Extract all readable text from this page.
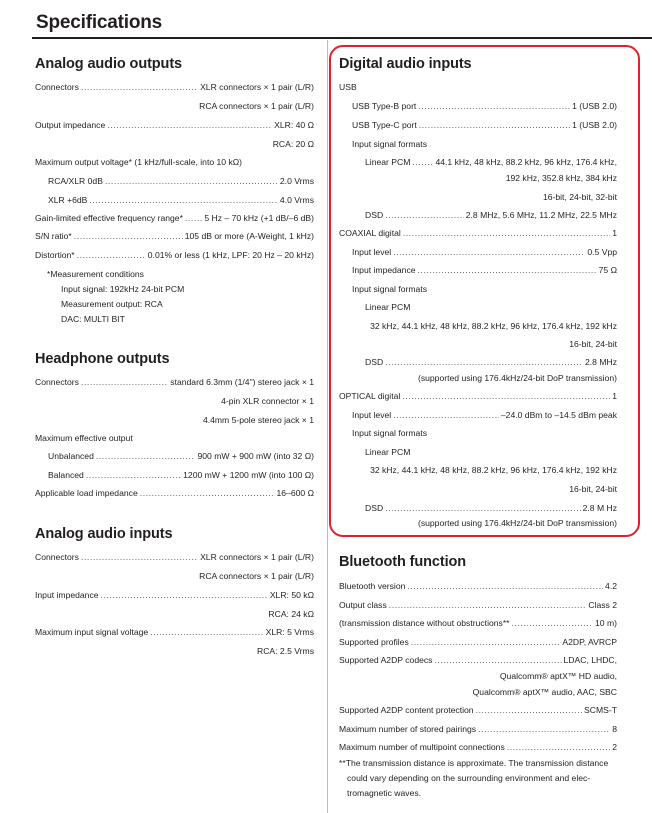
Specifications
Analog audio outputs
Connectors .....	XLR connectors × 1 pair (L/R)
RCA connectors × 1 pair (L/R)
Output impedance .....	XLR: 40 Ω
RCA: 20 Ω
Maximum output voltage* (1 kHz/full-scale, into 10 kΩ)
RCA/XLR 0dB .....	2.0 Vrms
XLR +6dB .....	4.0 Vrms
Gain-limited effective frequency range* ..... 5 Hz – 70 kHz (+1 dB/–6 dB)
S/N ratio* .....	105 dB or more (A-Weight, 1 kHz)
Distortion* .....	0.01% or less (1 kHz, LPF: 20 Hz – 20 kHz)
*Measurement conditions
Input signal: 192kHz 24-bit PCM
Measurement output: RCA
DAC: MULTI BIT
Headphone outputs
Connectors .....	standard 6.3mm (1/4") stereo jack × 1
4-pin XLR connector × 1
4.4mm 5-pole stereo jack × 1
Maximum effective output
Unbalanced .....	900 mW + 900 mW (into 32 Ω)
Balanced .....	1200 mW + 1200 mW (into 100 Ω)
Applicable load impedance .....	16–600 Ω
Analog audio inputs
Connectors .....	XLR connectors × 1 pair (L/R)
RCA connectors × 1 pair (L/R)
Input impedance .....	XLR: 50 kΩ
RCA: 24 kΩ
Maximum input signal voltage .....	XLR: 5 Vrms
RCA: 2.5 Vrms
Digital audio inputs
USB
USB Type-B port .....	1 (USB 2.0)
USB Type-C port .....	1 (USB 2.0)
Input signal formats
Linear PCM .....	44.1 kHz, 48 kHz, 88.2 kHz, 96 kHz, 176.4 kHz,
192 kHz, 352.8 kHz, 384 kHz
16-bit, 24-bit, 32-bit
DSD .....	2.8 MHz, 5.6 MHz, 11.2 MHz, 22.5 MHz
COAXIAL digital .....	1
Input level .....	0.5 Vpp
Input impedance .....	75 Ω
Input signal formats
Linear PCM
32 kHz, 44.1 kHz, 48 kHz, 88.2 kHz, 96 kHz, 176.4 kHz, 192 kHz
16-bit, 24-bit
DSD .....	2.8 MHz
(supported using 176.4kHz/24-bit DoP transmission)
OPTICAL digital .....	1
Input level .....	–24.0 dBm to –14.5 dBm peak
Input signal formats
Linear PCM
32 kHz, 44.1 kHz, 48 kHz, 88.2 kHz, 96 kHz, 176.4 kHz, 192 kHz
16-bit, 24-bit
DSD .....	2.8 M Hz
(supported using 176.4kHz/24-bit DoP transmission)
Bluetooth function
Bluetooth version .....	4.2
Output class .....	Class 2
(transmission distance without obstructions** .....	10 m)
Supported profiles .....	A2DP, AVRCP
Supported A2DP codecs .....	LDAC, LHDC,
Qualcomm® aptX™ HD audio,
Qualcomm® aptX™ audio, AAC, SBC
Supported A2DP content protection .....	SCMS-T
Maximum number of stored pairings .....	8
Maximum number of multipoint connections .....	2
**The transmission distance is approximate. The transmission distance
could vary depending on the surrounding environment and elec-
tromagnetic waves.
